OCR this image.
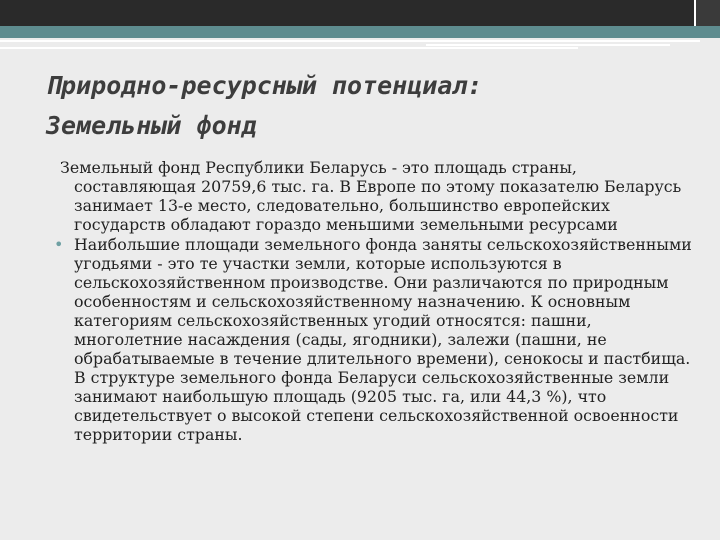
Природно-ресурсный потенциал:
Земельный фонд

Земельный фонд Республики Беларусь - это площадь страны, составляющая 20759,6 тыс. га. В Европе по этому показателю Беларусь занимает 13-е место, следовательно, большинство европейских государств обладают гораздо меньшими земельными ресурсами

• Наибольшие площади земельного фонда заняты сельскохозяйственными угодьями - это те участки земли, которые используются в сельскохозяйственном производстве. Они различаются по природным особенностям и сельскохозяйственному назначению. К основным категориям сельскохозяйственных угодий относятся: пашни, многолетние насаждения (сады, ягодники), залежи (пашни, не обрабатываемые в течение длительного времени), сенокосы и пастбища. В структуре земельного фонда Беларуси сельскохозяйственные земли занимают наибольшую площадь (9205 тыс. га, или 44,3 %), что свидетельствует о высокой степени сельскохозяйственной освоенности территории страны.
